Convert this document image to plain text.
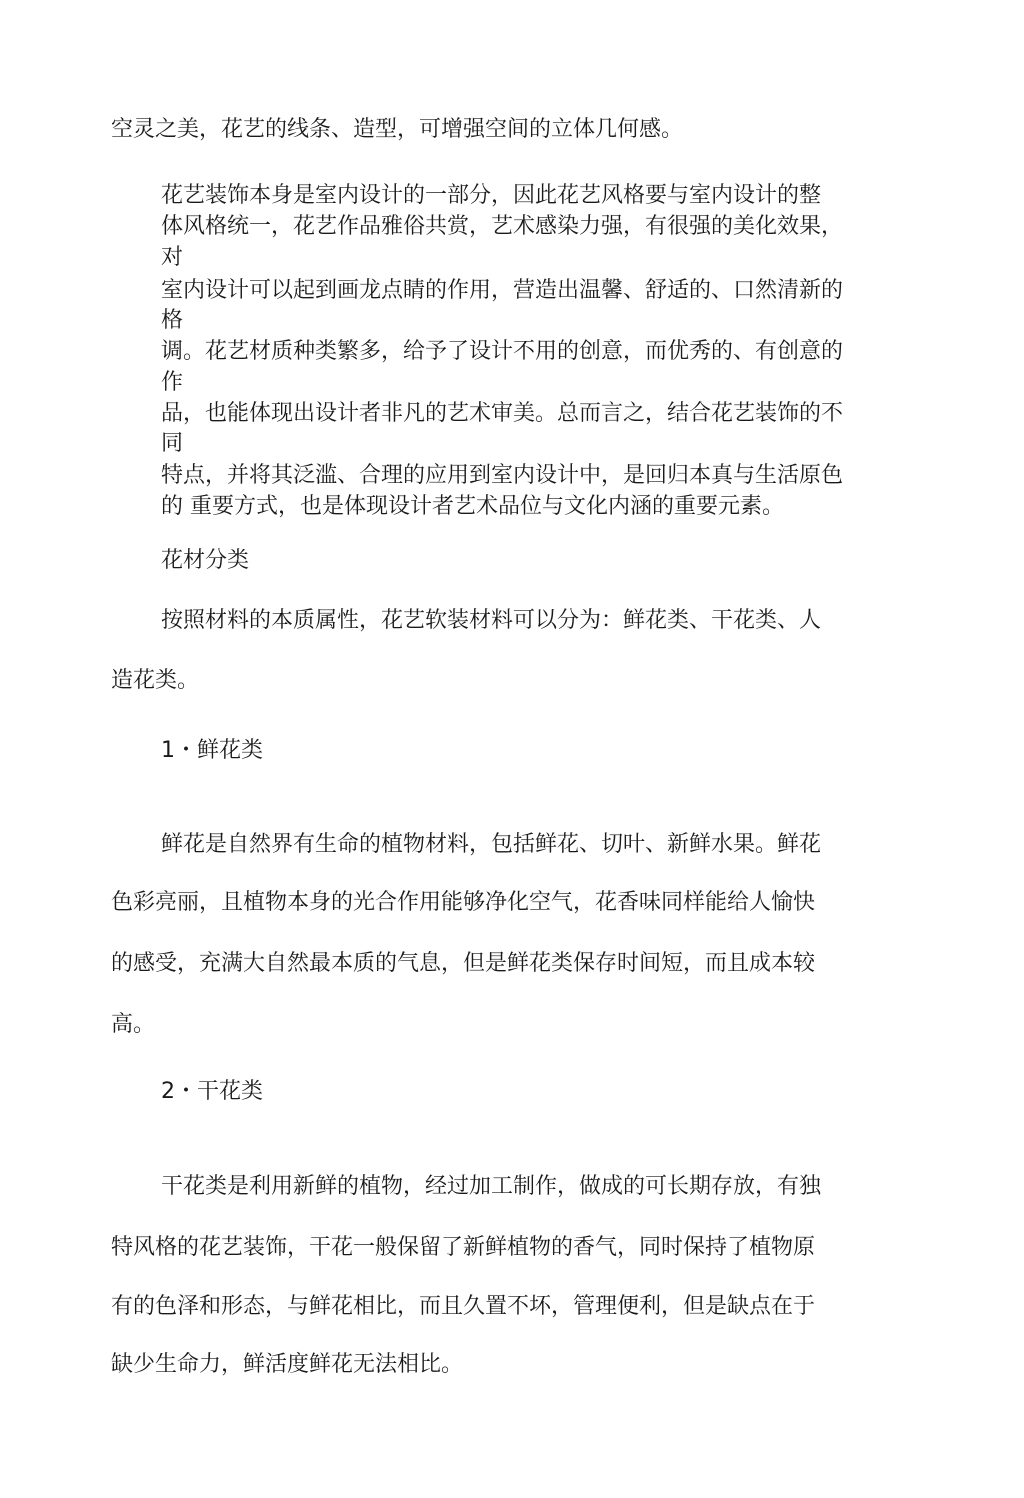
空灵之美，花艺的线条、造型，可增强空间的立体几何感。
花艺装饰本身是室内设计的一部分，因此花艺风格要与室内设计的整
体风格统一，花艺作品雅俗共赏，艺术感染力强，有很强的美化效果，
对
室内设计可以起到画龙点睛的作用，营造出温馨、舒适的、口然清新的
格
调。花艺材质种类繁多，给予了设计不用的创意，而优秀的、有创意的
作
品，也能体现出设计者非凡的艺术审美。总而言之，结合花艺装饰的不
同
特点，并将其泛滥、合理的应用到室内设计中，是回归本真与生活原色
的 重要方式，也是体现设计者艺术品位与文化内涵的重要元素。
花材分类
按照材料的本质属性，花艺软装材料可以分为：鲜花类、干花类、人
造花类。
1・鲜花类
鲜花是自然界有生命的植物材料，包括鲜花、切叶、新鲜水果。鲜花
色彩亮丽，且植物本身的光合作用能够净化空气，花香味同样能给人愉快
的感受，充满大自然最本质的气息，但是鲜花类保存时间短，而且成本较
高。
2・干花类
干花类是利用新鲜的植物，经过加工制作，做成的可长期存放，有独
特风格的花艺装饰，干花一般保留了新鲜植物的香气，同时保持了植物原
有的色泽和形态，与鲜花相比，而且久置不坏，管理便利，但是缺点在于
缺少生命力，鲜活度鲜花无法相比。
